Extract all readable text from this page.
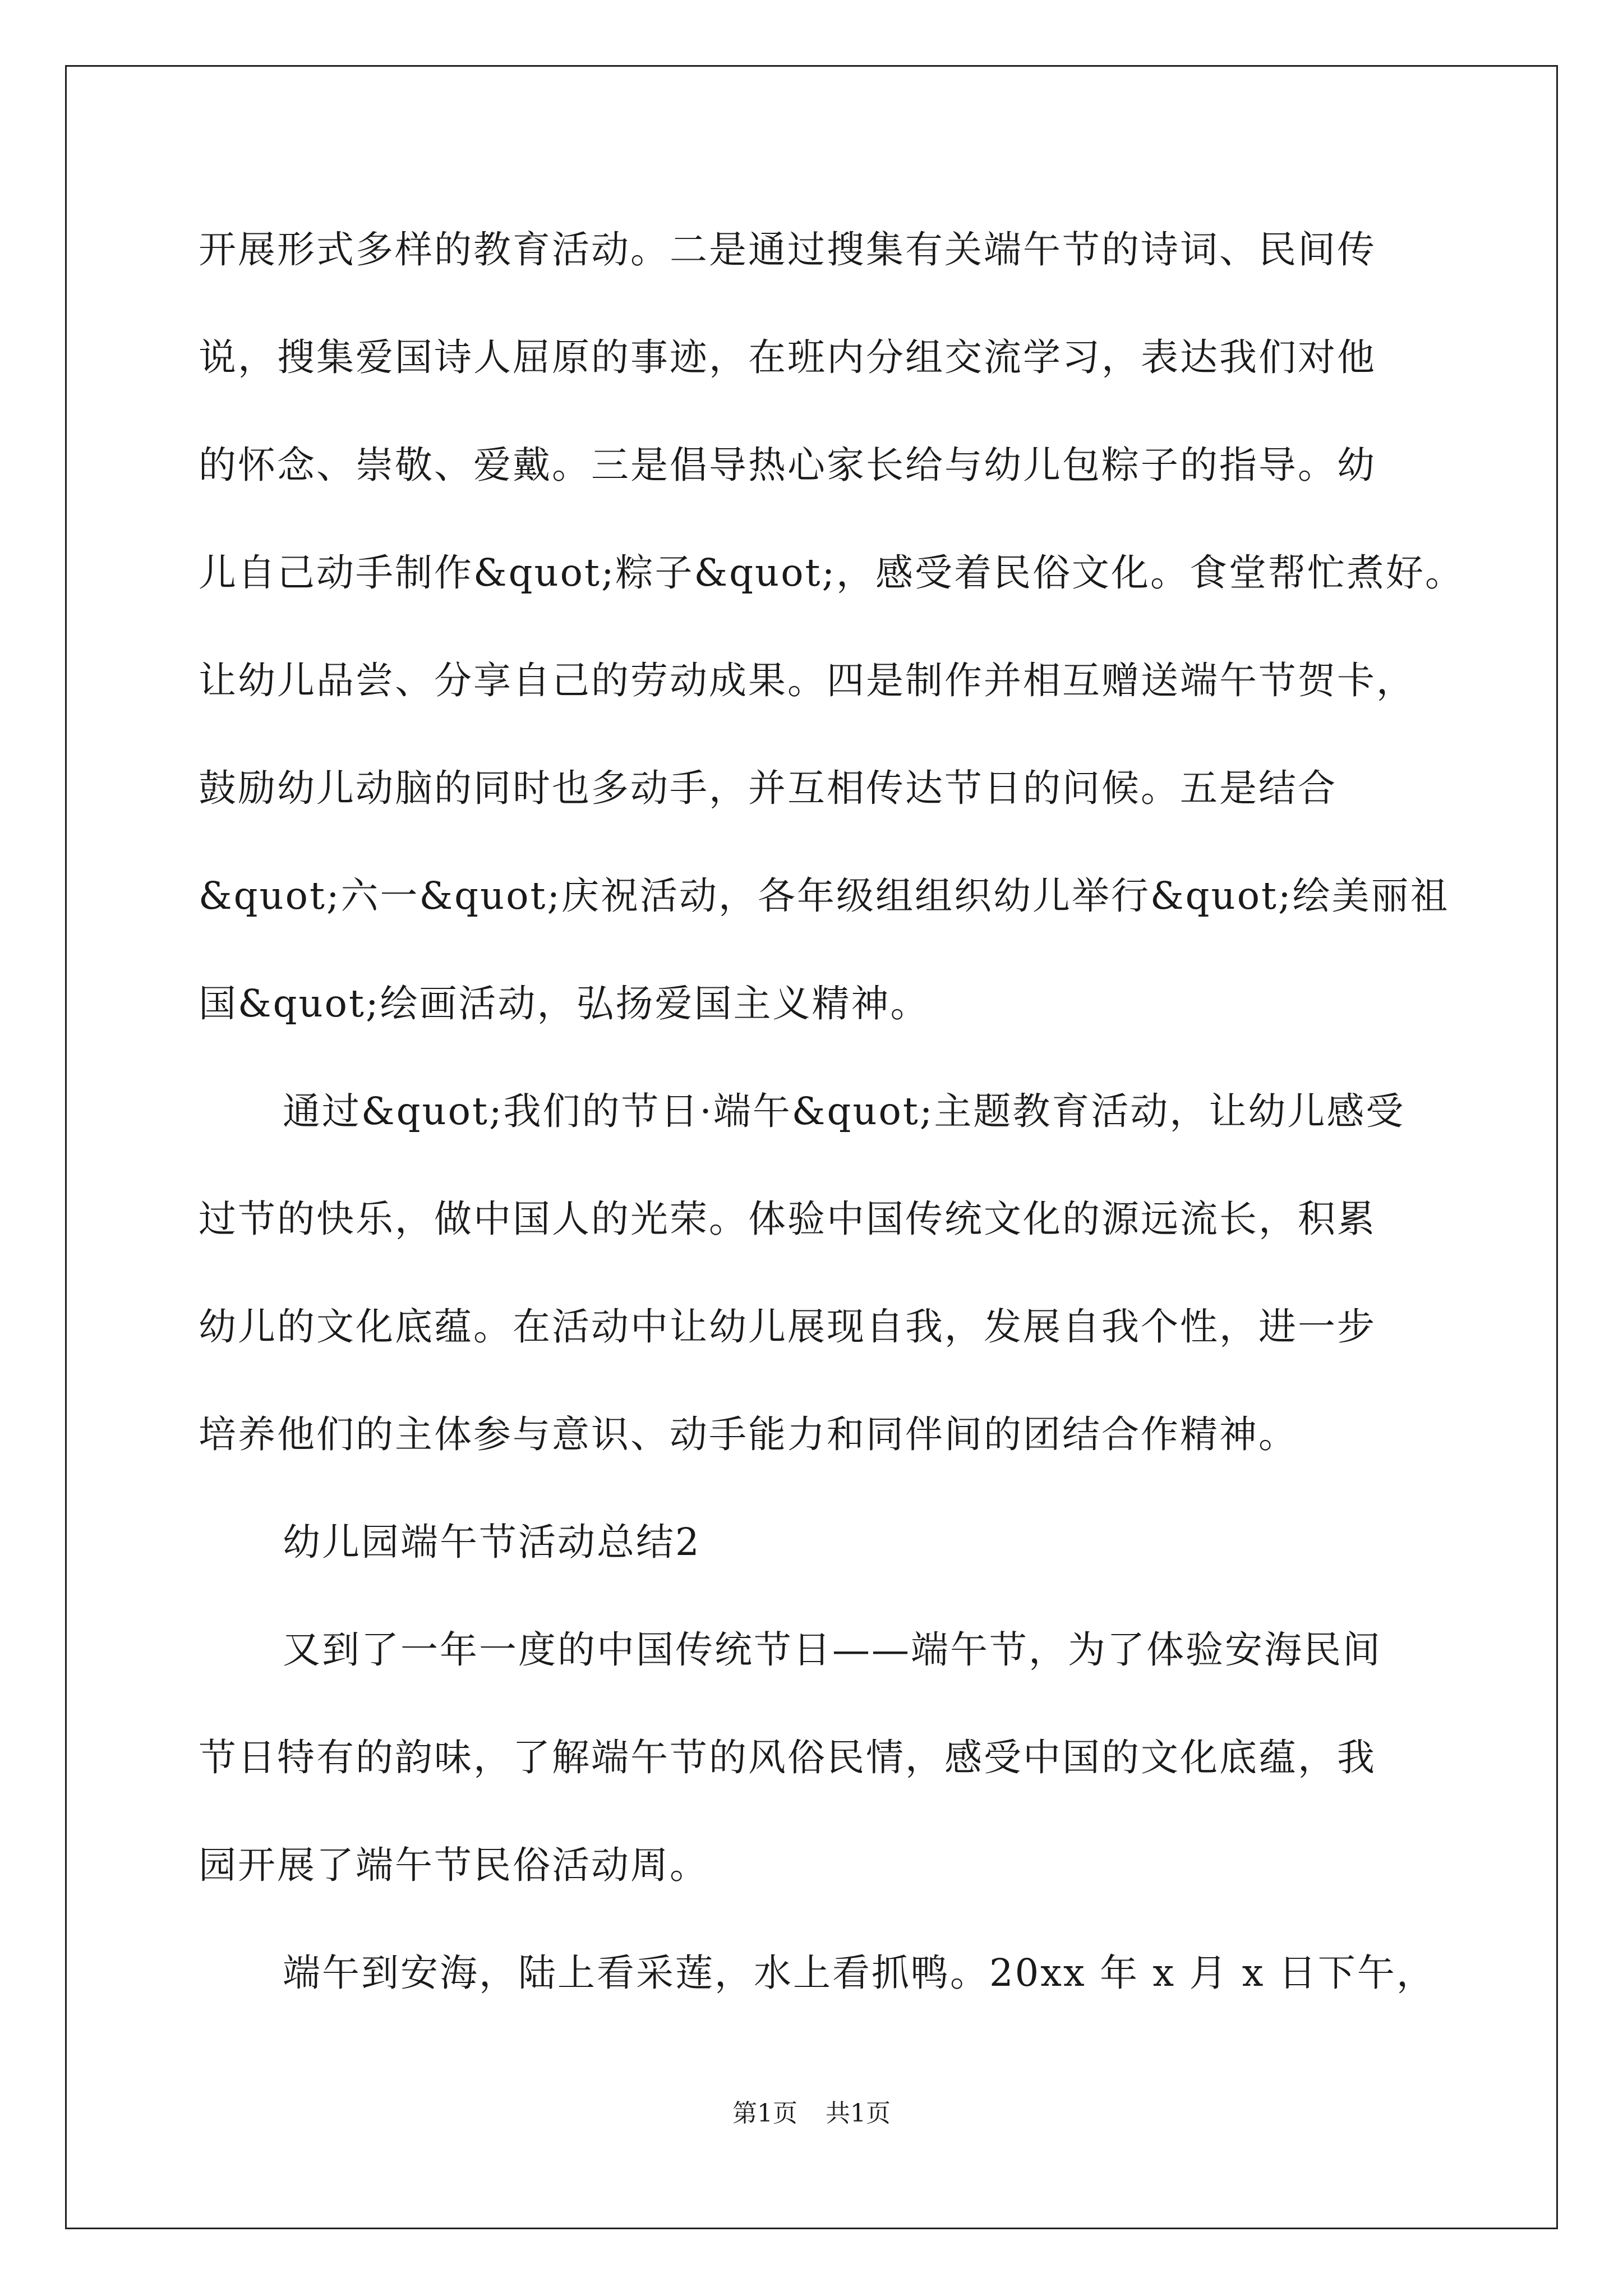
开展形式多样的教育活动。二是通过搜集有关端午节的诗词、民间传
说，搜集爱国诗人屈原的事迹，在班内分组交流学习，表达我们对他
的怀念、崇敬、爱戴。三是倡导热心家长给与幼儿包粽子的指导。幼
儿自己动手制作&quot;粽子&quot;，感受着民俗文化。食堂帮忙煮好。
让幼儿品尝、分享自己的劳动成果。四是制作并相互赠送端午节贺卡，
鼓励幼儿动脑的同时也多动手，并互相传达节日的问候。五是结合
&quot;六一&quot;庆祝活动，各年级组组织幼儿举行&quot;绘美丽祖
国&quot;绘画活动，弘扬爱国主义精神。
通过&quot;我们的节日·端午&quot;主题教育活动，让幼儿感受
过节的快乐，做中国人的光荣。体验中国传统文化的源远流长，积累
幼儿的文化底蕴。在活动中让幼儿展现自我，发展自我个性，进一步
培养他们的主体参与意识、动手能力和同伴间的团结合作精神。
幼儿园端午节活动总结2
又到了一年一度的中国传统节日——端午节，为了体验安海民间
节日特有的韵味，了解端午节的风俗民情，感受中国的文化底蕴，我
园开展了端午节民俗活动周。
端午到安海，陆上看采莲，水上看抓鸭。20xx 年 x 月 x 日下午，
第1页 共1页
